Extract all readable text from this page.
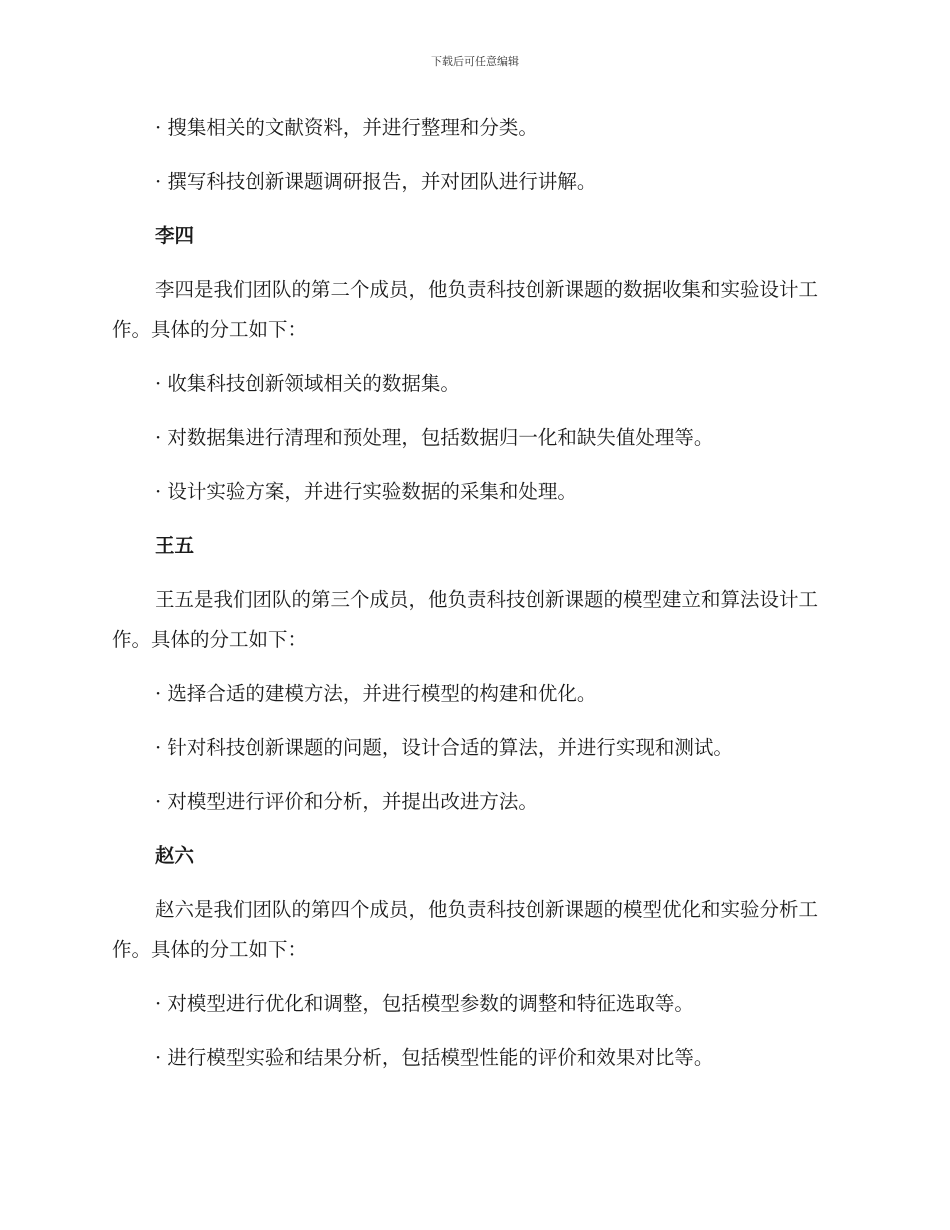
下载后可任意编辑

· 搜集相关的文献资料，并进行整理和分类。

· 撰写科技创新课题调研报告，并对团队进行讲解。

李四

李四是我们团队的第二个成员，他负责科技创新课题的数据收集和实验设计工作。具体的分工如下：

· 收集科技创新领域相关的数据集。

· 对数据集进行清理和预处理，包括数据归一化和缺失值处理等。

· 设计实验方案，并进行实验数据的采集和处理。

王五

王五是我们团队的第三个成员，他负责科技创新课题的模型建立和算法设计工作。具体的分工如下：

· 选择合适的建模方法，并进行模型的构建和优化。

· 针对科技创新课题的问题，设计合适的算法，并进行实现和测试。

· 对模型进行评价和分析，并提出改进方法。

赵六

赵六是我们团队的第四个成员，他负责科技创新课题的模型优化和实验分析工作。具体的分工如下：

· 对模型进行优化和调整，包括模型参数的调整和特征选取等。

· 进行模型实验和结果分析，包括模型性能的评价和效果对比等。
